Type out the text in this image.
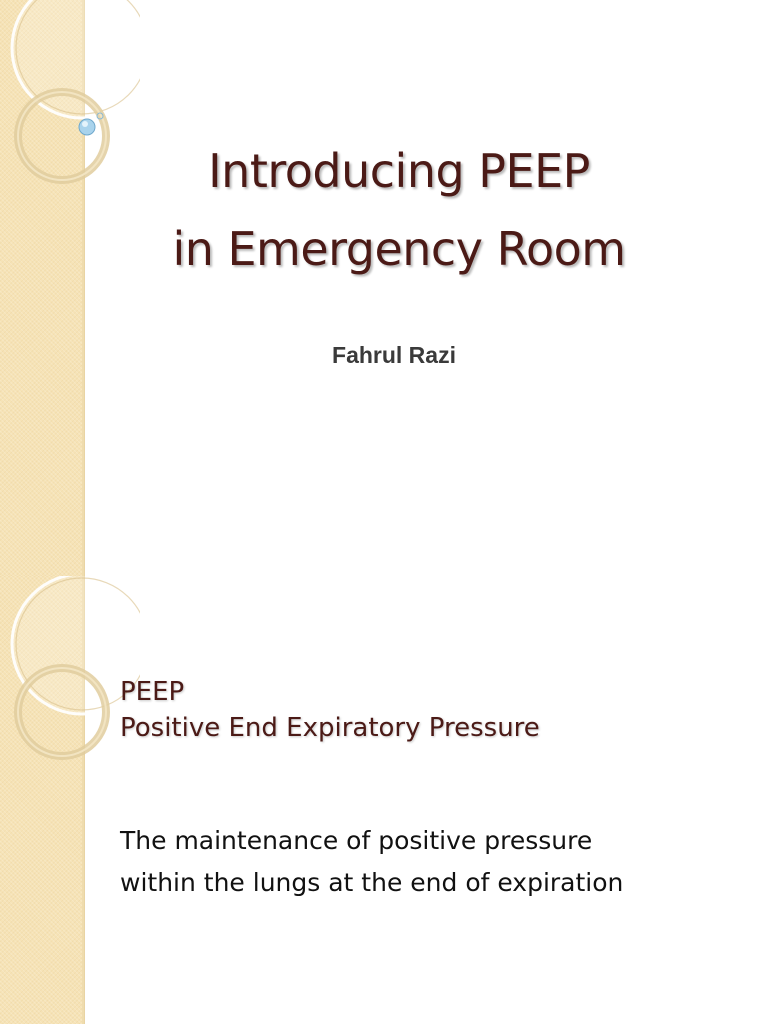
Introducing PEEP
in Emergency Room
Fahrul Razi
PEEP
Positive End Expiratory Pressure

The maintenance of positive pressure
within the lungs at the end of expiration
